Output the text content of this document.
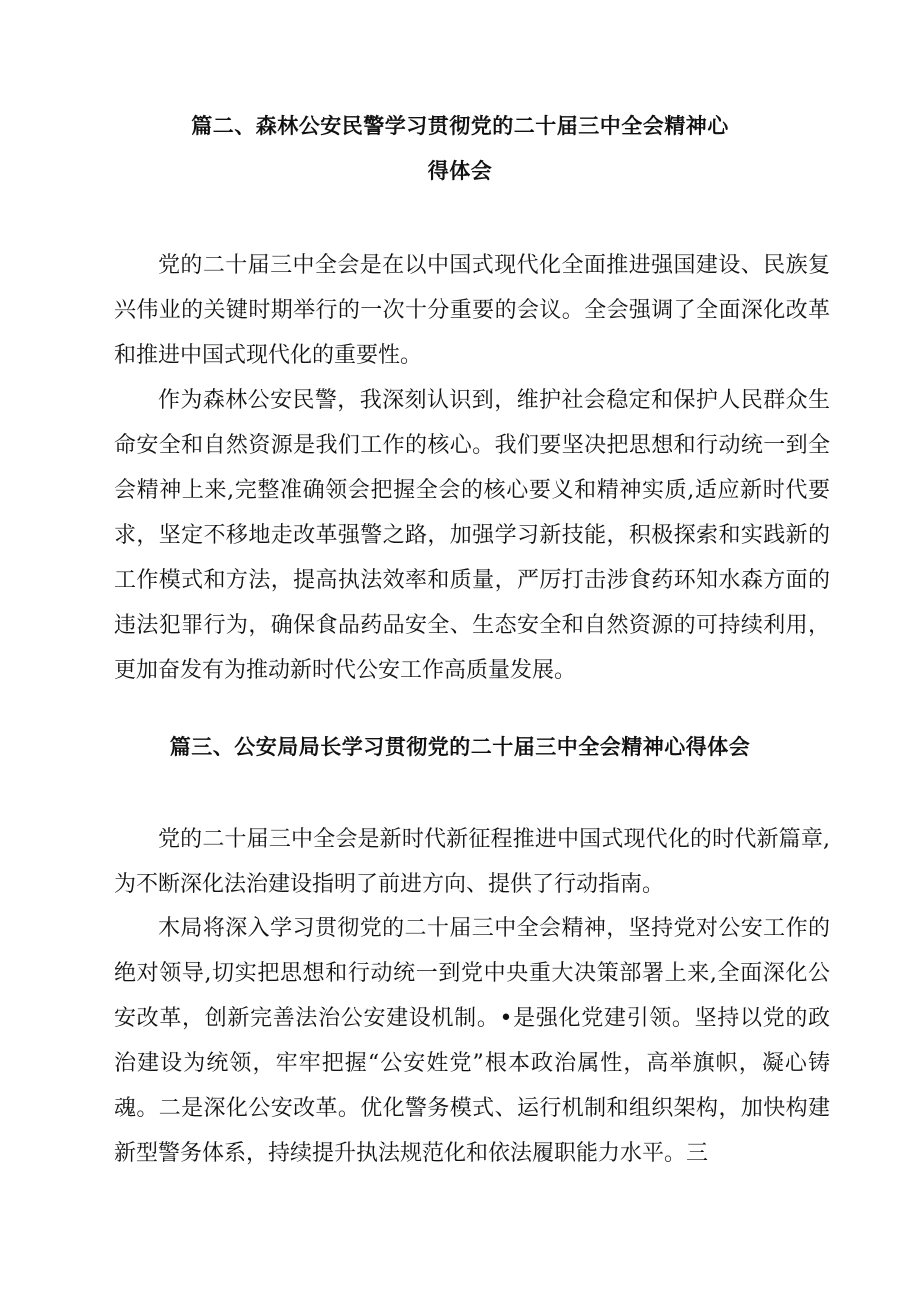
篇二、森林公安民警学习贯彻党的二十届三中全会精神心
得体会

党的二十届三中全会是在以中国式现代化全面推进强国建设、民族复兴伟业的关键时期举行的一次十分重要的会议。全会强调了全面深化改革和推进中国式现代化的重要性。

作为森林公安民警，我深刻认识到，维护社会稳定和保护人民群众生命安全和自然资源是我们工作的核心。我们要坚决把思想和行动统一到全会精神上来,完整准确领会把握全会的核心要义和精神实质,适应新时代要求，坚定不移地走改革强警之路，加强学习新技能，积极探索和实践新的工作模式和方法，提高执法效率和质量，严厉打击涉食药环知水森方面的违法犯罪行为，确保食品药品安全、生态安全和自然资源的可持续利用，更加奋发有为推动新时代公安工作高质量发展。

篇三、公安局局长学习贯彻党的二十届三中全会精神心得体会

党的二十届三中全会是新时代新征程推进中国式现代化的时代新篇章,为不断深化法治建设指明了前进方向、提供了行动指南。

木局将深入学习贯彻党的二十届三中全会精神，坚持党对公安工作的绝对领导,切实把思想和行动统一到党中央重大决策部署上来,全面深化公安改革，创新完善法治公安建设机制。•是强化党建引领。坚持以党的政治建设为统领，牢牢把握“公安姓党”根本政治属性，高举旗帜，凝心铸魂。二是深化公安改革。优化警务模式、运行机制和组织架构，加快构建新型警务体系，持续提升执法规范化和依法履职能力水平。三
